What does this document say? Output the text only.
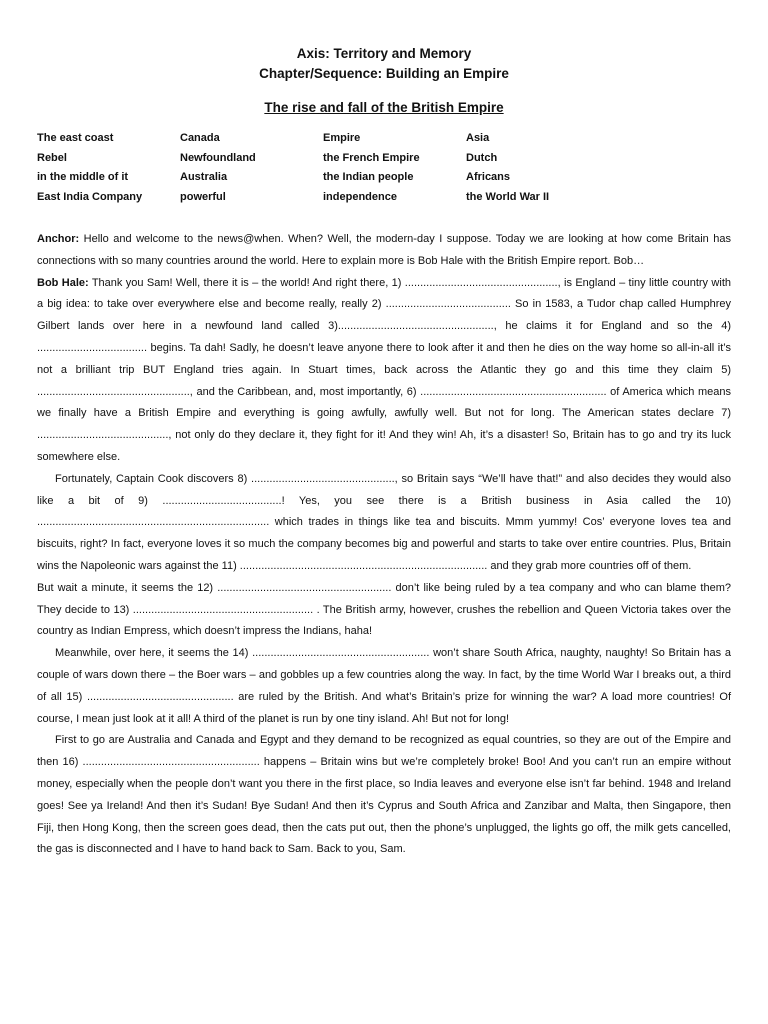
Axis: Territory and Memory
Chapter/Sequence: Building an Empire
The rise and fall of the British Empire
The east coast	Canada	Empire	Asia
Rebel	Newfoundland	the French Empire	Dutch
in the middle of it	Australia	the Indian people	Africans
East India Company	powerful	independence	the World War II

Anchor: Hello and welcome to the news@when. When? Well, the modern-day I suppose. Today we are looking at how come Britain has connections with so many countries around the world. Here to explain more is Bob Hale with the British Empire report. Bob…

Bob Hale: Thank you Sam! Well, there it is – the world! And right there, 1) .................................................., is England – tiny little country with a big idea: to take over everywhere else and become really, really 2) ......................................... So in 1583, a Tudor chap called Humphrey Gilbert lands over here in a newfound land called 3)..................................................., he claims it for England and so the 4) .................................... begins. Ta dah! Sadly, he doesn’t leave anyone there to look after it and then he dies on the way home so all-in-all it’s not a brilliant trip BUT England tries again. In Stuart times, back across the Atlantic they go and this time they claim 5) .................................................., and the Caribbean, and, most importantly, 6) ............................................................. of America which means we finally have a British Empire and everything is going awfully, awfully well. But not for long. The American states declare 7) ..........................................., not only do they declare it, they fight for it! And they win! Ah, it’s a disaster! So, Britain has to go and try its luck somewhere else.

Fortunately, Captain Cook discovers 8) ..............................................., so Britain says “We’ll have that!” and also decides they would also like a bit of 9) .......................................! Yes, you see there is a British business in Asia called the 10) ............................................................................ which trades in things like tea and biscuits. Mmm yummy! Cos’ everyone loves tea and biscuits, right? In fact, everyone loves it so much the company becomes big and powerful and starts to take over entire countries. Plus, Britain wins the Napoleonic wars against the 11) ................................................................................. and they grab more countries off of them.

But wait a minute, it seems the 12) ......................................................... don’t like being ruled by a tea company and who can blame them? They decide to 13) ........................................................... . The British army, however, crushes the rebellion and Queen Victoria takes over the country as Indian Empress, which doesn’t impress the Indians, haha!

Meanwhile, over here, it seems the 14) .......................................................... won’t share South Africa, naughty, naughty! So Britain has a couple of wars down there – the Boer wars – and gobbles up a few countries along the way. In fact, by the time World War I breaks out, a third of all 15) ................................................ are ruled by the British. And what’s Britain’s prize for winning the war? A load more countries! Of course, I mean just look at it all! A third of the planet is run by one tiny island. Ah! But not for long!

First to go are Australia and Canada and Egypt and they demand to be recognized as equal countries, so they are out of the Empire and then 16) .......................................................... happens – Britain wins but we’re completely broke! Boo! And you can’t run an empire without money, especially when the people don’t want you there in the first place, so India leaves and everyone else isn’t far behind. 1948 and Ireland goes! See ya Ireland! And then it’s Sudan! Bye Sudan! And then it’s Cyprus and South Africa and Zanzibar and Malta, then Singapore, then Fiji, then Hong Kong, then the screen goes dead, then the cats put out, then the phone’s unplugged, the lights go off, the milk gets cancelled, the gas is disconnected and I have to hand back to Sam. Back to you, Sam.
